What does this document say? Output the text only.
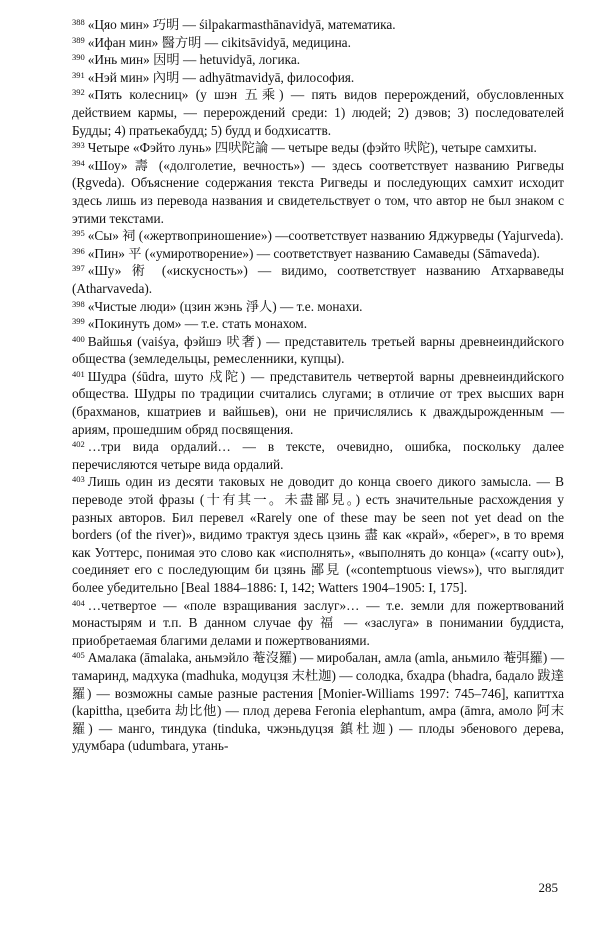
$^{388}$ «Цяо мин» 巧明 — śilpakarmasthānavidyā, математика.

$^{389}$ «Ифан мин» 醫方明 — cikitsāvidyā, медицина.

$^{390}$ «Инь мин» 因明 — hetuvidyā, логика.

$^{391}$ «Нэй мин» 內明 — adhyātmavidyā, философия.

$^{392}$ «Пять колесниц» (у шэн 五乘) — пять видов перерождений, обусловленных действием кармы, — перерождений среди: 1) людей; 2) дэвов; 3) последователей Будды; 4) пратьекабудд; 5) будд и бодхисаттв.

$^{393}$ Четыре «Фэйто лунь» 四吠陀論 — четыре веды (фэйто 吠陀), четыре самхиты.

$^{394}$ «Шоу» 壽 («долголетие, вечность») — здесь соответствует названию Ригведы (Ṛgveda). Объяснение содержания текста Ригведы и последующих самхит исходит здесь лишь из перевода названия и свидетельствует о том, что автор не был знаком с этими текстами.

$^{395}$ «Сы» 祠 («жертвоприношение») —соответствует названию Яджурведы (Yajurveda).

$^{396}$ «Пин» 平 («умиротворение») — соответствует названию Самаведы (Sāmaveda).

$^{397}$ «Шу» 術 («искусность») — видимо, соответствует названию Атхарваведы (Atharvaveda).

$^{398}$ «Чистые люди» (цзин жэнь 淨人) — т.е. монахи.

$^{399}$ «Покинуть дом» — т.е. стать монахом.

$^{400}$ Вайшья (vaiśya, фэйшэ 吠奢) — представитель третьей варны древнеиндийского общества (земледельцы, ремесленники, купцы).

$^{401}$ Шудра (śūdra, шуто 戍陀) — представитель четвертой варны древнеиндийского общества. Шудры по традиции считались слугами; в отличие от трех высших варн (брахманов, кшатриев и вайшьев), они не причислялись к дваждырожденным — ариям, прошедшим обряд посвящения.

$^{402}$ …три вида ордалий… — в тексте, очевидно, ошибка, поскольку далее перечисляются четыре вида ордалий.

$^{403}$ Лишь один из десяти таковых не доводит до конца своего дикого замысла. — В переводе этой фразы (十有其一。未盡鄙見。) есть значительные расхождения у разных авторов. Бил перевел «Rarely one of these may be seen not yet dead on the borders (of the river)», видимо трактуя здесь цзинь 盡 как «край», «берег», в то время как Уоттерс, понимая это слово как «исполнять», «выполнять до конца» («carry out»), соединяет его с последующим би цзянь 鄙見 («contemptuous views»), что выглядит более убедительно [Beal 1884–1886: I, 142; Watters 1904–1905: I, 175].

$^{404}$ …четвертое — «поле взращивания заслуг»… — т.е. земли для пожертвований монастырям и т.п. В данном случае фу 福 — «заслуга» в понимании буддиста, приобретаемая благими делами и пожертвованиями.

$^{405}$ Амалака (āmalaka, аньмэйло 菴沒羅) — миробалан, амла (amla, аньмило 菴弭羅) — тамаринд, мадхука (madhuka, модуцзя 末杜迦) — солодка, бхадра (bhadra, бадало 跋達羅) — возможны самые разные растения [Monier-Williams 1997: 745–746], капиттха (kapittha, цзебита 劫比他) — плод дерева Feronia elephantum, амра (āmra, амоло 阿末羅) — манго, тиндука (tinduka, чжэньдуцзя 鎮杜迦) — плоды эбенового дерева, удумбара (udumbara, утань-

285
